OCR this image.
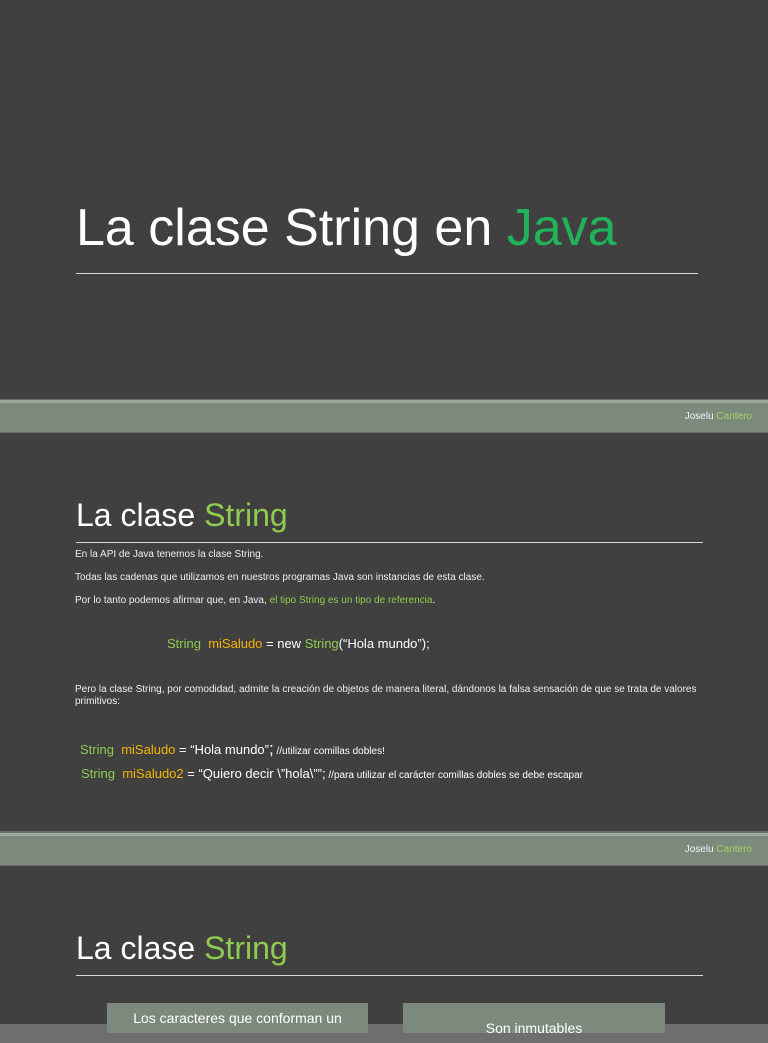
La clase String en Java
Joselu Cantero
La clase String
En la API de Java tenemos la clase String.
Todas las cadenas que utilizamos en nuestros programas Java son instancias de esta clase.
Por lo tanto podemos afirmar que, en Java, el tipo String es un tipo de referencia.
String miSaludo = new String(“Hola mundo”);
Pero la clase String, por comodidad, admite la creación de objetos de manera literal, dándonos la falsa sensación de que se trata de valores primitivos:
String miSaludo = “Hola mundo”; //utilizar comillas dobles!
String miSaludo2 = “Quiero decir \”hola\””; //para utilizar el carácter comillas dobles se debe escapar
Joselu Cantero
La clase String
Los caracteres que conforman un
Son inmutables
